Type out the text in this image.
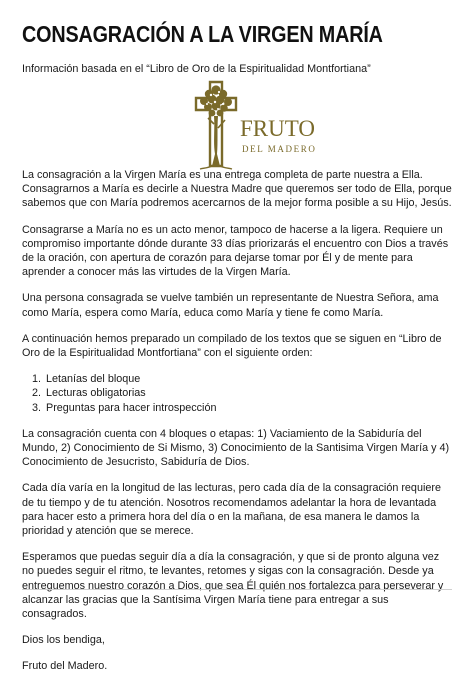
CONSAGRACIÓN A LA VIRGEN MARÍA

Información basada en el “Libro de Oro de la Espiritualidad Montfortiana”

FRUTO
DEL MADERO

La consagración a la Virgen María es una entrega completa de parte nuestra a Ella. Consagrarnos a María es decirle a Nuestra Madre que queremos ser todo de Ella, porque sabemos que con María podremos acercarnos de la mejor forma posible a su Hijo, Jesús.

Consagrarse a María no es un acto menor, tampoco de hacerse a la ligera. Requiere un compromiso importante dónde durante 33 días priorizarás el encuentro con Dios a través de la oración, con apertura de corazón para dejarse tomar por Él y de mente para aprender a conocer más las virtudes de la Virgen María.

Una persona consagrada se vuelve también un representante de Nuestra Señora, ama como María, espera como María, educa como María y tiene fe como María.

A continuación hemos preparado un compilado de los textos que se siguen en “Libro de Oro de la Espiritualidad Montfortiana” con el siguiente orden:

1. Letanías del bloque
2. Lecturas obligatorias
3. Preguntas para hacer introspección

La consagración cuenta con 4 bloques o etapas: 1) Vaciamiento de la Sabiduría del Mundo, 2) Conocimiento de Si Mismo, 3) Conocimiento de la Santisima Virgen María y 4) Conocimiento de Jesucristo, Sabiduría de Dios.

Cada día varía en la longitud de las lecturas, pero cada día de la consagración requiere de tu tiempo y de tu atención. Nosotros recomendamos adelantar la hora de levantada para hacer esto a primera hora del día o en la mañana, de esa manera le damos la prioridad y atención que se merece.

Esperamos que puedas seguir día a día la consagración, y que si de pronto alguna vez no puedes seguir el ritmo, te levantes, retomes y sigas con la consagración. Desde ya entreguemos nuestro corazón a Dios, que sea Él quién nos fortalezca para perseverar y alcanzar las gracias que la Santísima Virgen María tiene para entregar a sus consagrados.

Dios los bendiga,

Fruto del Madero.
